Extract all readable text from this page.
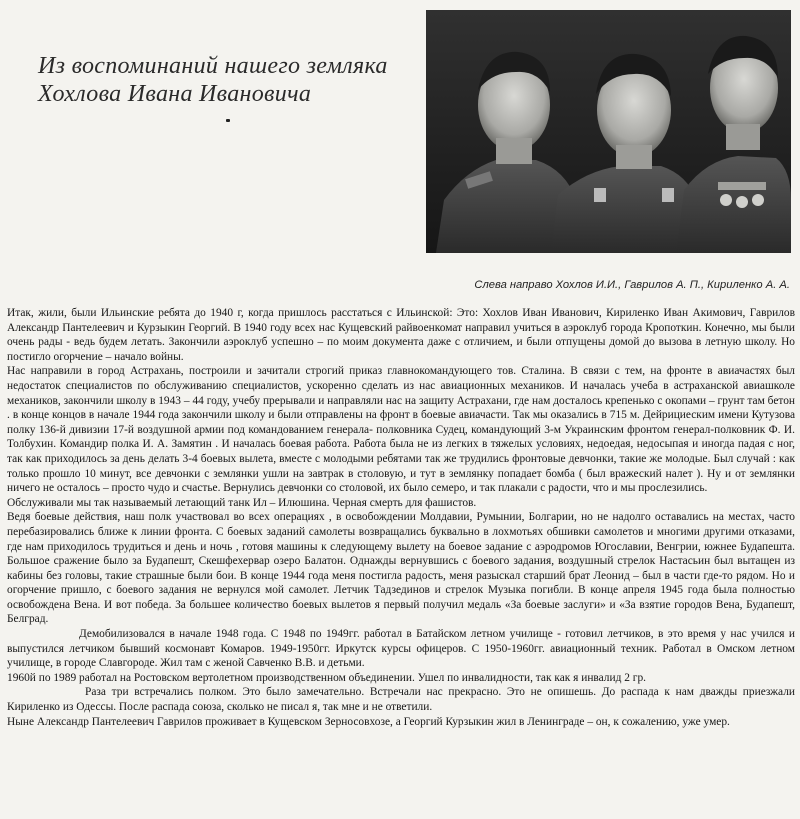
Из воспоминаний нашего земляка
Хохлова Ивана Ивановича
Слева направо Хохлов И.И., Гаврилов А. П., Кириленко А. А.

Итак, жили, были Ильинские ребята до 1940 г, когда пришлось расстаться с Ильинской: Это: Хохлов Иван Иванович, Кириленко Иван Акимович, Гаврилов Александр Пантелеевич и Курзыкин Георгий. В 1940 году всех нас Кущевский райвоенкомат направил учиться в аэроклуб города Кропоткин. Конечно, мы были очень рады - ведь будем летать. Закончили аэроклуб успешно – по моим документа даже с отличием, и были отпущены домой до вызова в летную школу. Но постигло огорчение – начало войны.

Нас направили в город Астрахань, построили и зачитали строгий приказ главнокомандующего тов. Сталина. В связи с тем, на фронте в авиачастях был недостаток специалистов по обслуживанию специалистов, ускоренно сделать из нас авиационных механиков. И началась учеба в астраханской авиашколе механиков, закончили школу в 1943 – 44 году, учебу прерывали и направляли нас на защиту Астрахани, где нам досталось крепенько с окопами – грунт там бетон . в конце концов в начале 1944 года закончили школу и были отправлены на фронт в боевые авиачасти. Так мы оказались в 715 м. Дейрициеским имени Кутузова полку 136-й дивизии 17-й воздушной армии под командованием генерала- полковника Судец, командующий 3-м Украинским фронтом генерал-полковник Ф. И. Толбухин. Командир полка И. А. Замятин . И началась боевая работа. Работа была не из легких в тяжелых условиях, недоедая, недосыпая и иногда падая с ног, так как приходилось за день делать 3-4 боевых вылета, вместе с молодыми ребятами так же трудились фронтовые девчонки, такие же молодые. Был случай : как только прошло 10 минут, все девчонки с землянки ушли на завтрак в столовую, и тут в землянку попадает бомба ( был вражеский налет ). Ну и от землянки ничего не осталось – просто чудо и счастье. Вернулись девчонки со столовой, их было семеро, и так плакали с радости, что и мы прослезились.

Обслуживали мы так называемый летающий танк Ил – Илюшина. Черная смерть для фашистов.

Ведя боевые действия, наш полк участвовал во всех операциях , в освобождении Молдавии, Румынии, Болгарии, но не надолго оставались на местах, часто перебазировались ближе к линии фронта. С боевых заданий самолеты возвращались буквально в лохмотьях обшивки самолетов и многими другими отказами, где нам приходилось трудиться и день и ночь , готовя машины к следующему вылету на боевое задание с аэродромов Югославии, Венгрии, южнее Будапешта. Большое сражение было за Будапешт, Скешфехервар озеро Балатон. Однажды вернувшись с боевого задания, воздушный стрелок Настасьин был вытащен из кабины без головы, такие страшные были бои. В конце 1944 года меня постигла радость, меня разыскал старший брат Леонид – был в части где-то рядом. Но и огорчение пришло, с боевого задания не вернулся мой самолет. Летчик Тадзединов и стрелок Музыка погибли. В конце апреля 1945 года была полностью освобождена Вена. И вот победа. За большее количество боевых вылетов я первый получил медаль «За боевые заслуги» и «За взятие городов Вена, Будапешт, Белград.

Демобилизовался в начале 1948 года. С 1948 по 1949гг. работал в Батайском летном училище - готовил летчиков, в это время у нас учился и выпустился летчиком бывший космонавт Комаров. 1949-1950гг. Иркутск курсы офицеров. С 1950-1960гг. авиационный техник. Работал в Омском летном училище, в городе Славгороде. Жил там с женой Савченко В.В. и детьми.

1960й по 1989 работал на Ростовском вертолетном производственном объединении. Ушел по инвалидности, так как я инвалид 2 гр.

Раза три встречались полком. Это было замечательно. Встречали нас прекрасно. Это не опишешь. До распада к нам дважды приезжали Кириленко из Одессы. После распада союза, сколько не писал я, так мне и не ответили.

Ныне Александр Пантелеевич Гаврилов проживает в Кущевском Зерносовхозе, а Георгий Курзыкин жил в Ленинграде – он, к сожалению, уже умер.
